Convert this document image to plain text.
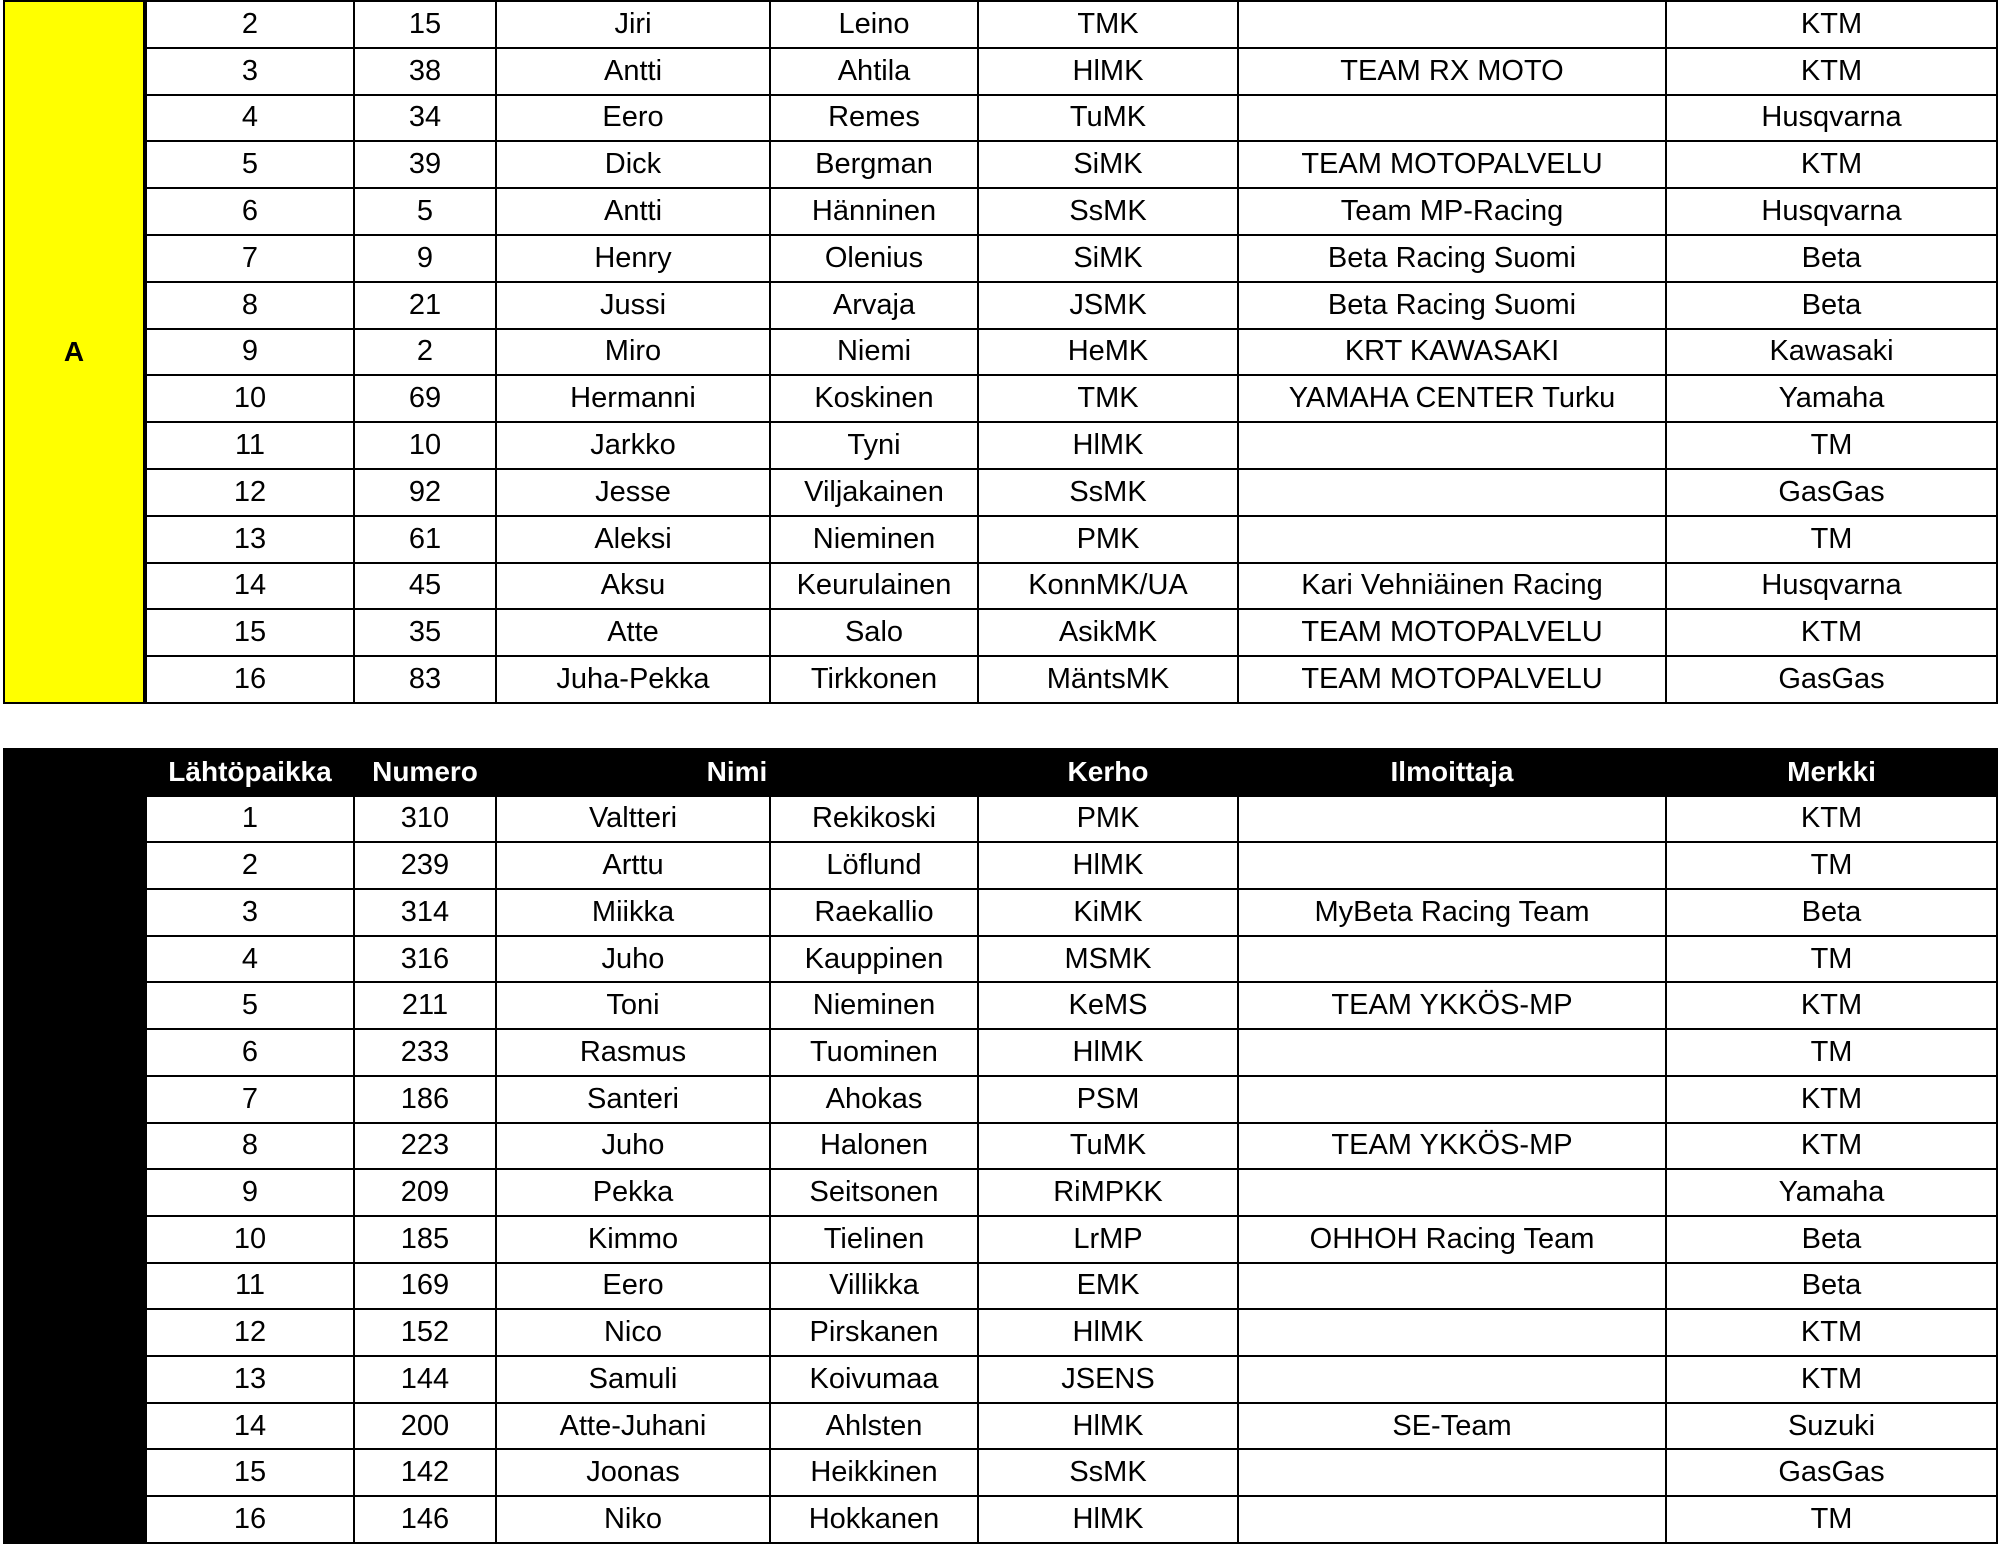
A
2	15	Jiri	Leino	TMK		KTM
3	38	Antti	Ahtila	HlMK	TEAM RX MOTO	KTM
4	34	Eero	Remes	TuMK		Husqvarna
5	39	Dick	Bergman	SiMK	TEAM MOTOPALVELU	KTM
6	5	Antti	Hänninen	SsMK	Team MP-Racing	Husqvarna
7	9	Henry	Olenius	SiMK	Beta Racing Suomi	Beta
8	21	Jussi	Arvaja	JSMK	Beta Racing Suomi	Beta
9	2	Miro	Niemi	HeMK	KRT KAWASAKI	Kawasaki
10	69	Hermanni	Koskinen	TMK	YAMAHA CENTER Turku	Yamaha
11	10	Jarkko	Tyni	HlMK		TM
12	92	Jesse	Viljakainen	SsMK		GasGas
13	61	Aleksi	Nieminen	PMK		TM
14	45	Aksu	Keurulainen	KonnMK/UA	Kari Vehniäinen Racing	Husqvarna
15	35	Atte	Salo	AsikMK	TEAM MOTOPALVELU	KTM
16	83	Juha-Pekka	Tirkkonen	MäntsMK	TEAM MOTOPALVELU	GasGas
B
Lähtöpaikka	Numero	Nimi		Kerho	Ilmoittaja	Merkki
1	310	Valtteri	Rekikoski	PMK		KTM
2	239	Arttu	Löflund	HlMK		TM
3	314	Miikka	Raekallio	KiMK	MyBeta Racing Team	Beta
4	316	Juho	Kauppinen	MSMK		TM
5	211	Toni	Nieminen	KeMS	TEAM YKKÖS-MP	KTM
6	233	Rasmus	Tuominen	HlMK		TM
7	186	Santeri	Ahokas	PSM		KTM
8	223	Juho	Halonen	TuMK	TEAM YKKÖS-MP	KTM
9	209	Pekka	Seitsonen	RiMPKK		Yamaha
10	185	Kimmo	Tielinen	LrMP	OHHOH Racing Team	Beta
11	169	Eero	Villikka	EMK		Beta
12	152	Nico	Pirskanen	HlMK		KTM
13	144	Samuli	Koivumaa	JSENS		KTM
14	200	Atte-Juhani	Ahlsten	HlMK	SE-Team	Suzuki
15	142	Joonas	Heikkinen	SsMK		GasGas
16	146	Niko	Hokkanen	HlMK		TM
